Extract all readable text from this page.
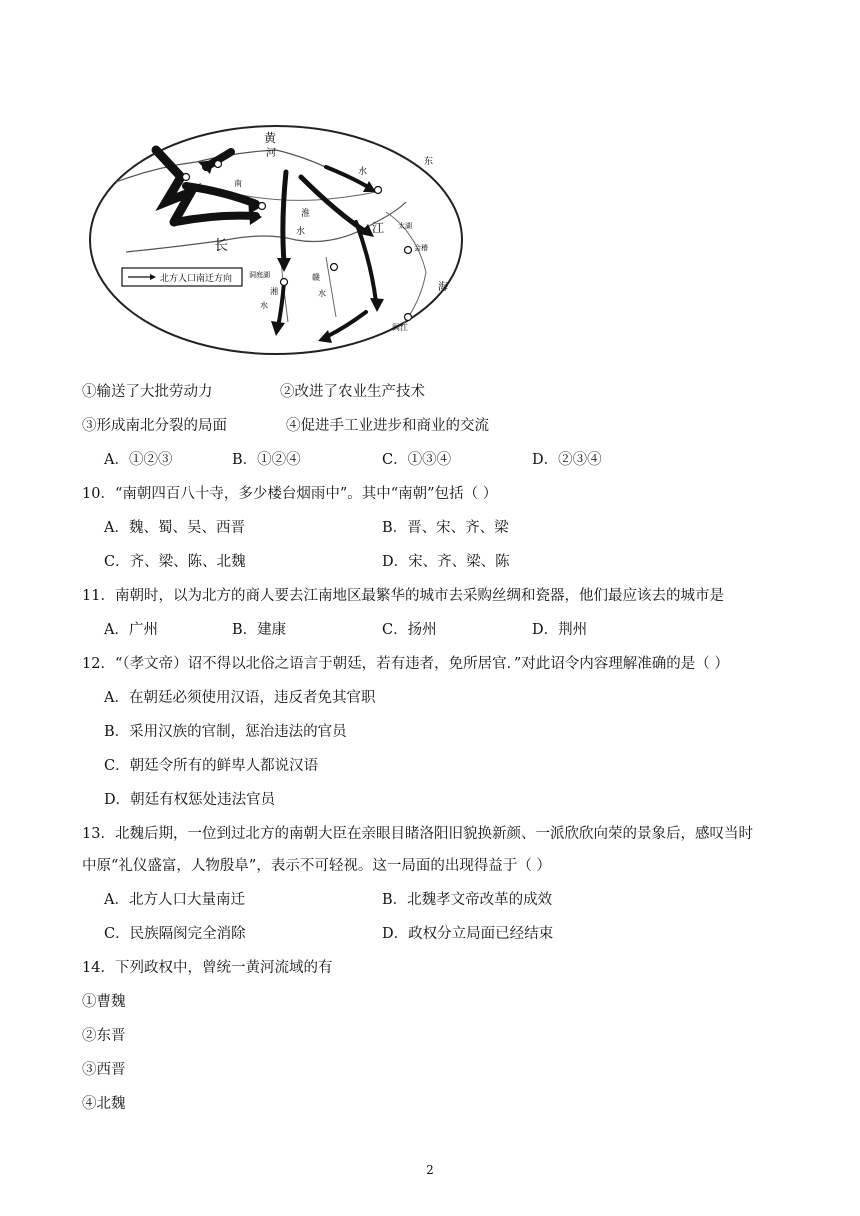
黄
河
南
淮
水
水	江
长
东
海
闽江
洞庭湖
太湖
会稽
湘
水
赣
水
北方人口南迁方向
①输送了大批劳动力	②改进了农业生产技术
③形成南北分裂的局面	④促进手工业进步和商业的交流
A．①②③	B．①②④	C．①③④	D．②③④
10．“南朝四百八十寺，多少楼台烟雨中”。其中“南朝”包括（ ）
A．魏、蜀、吴、西晋	B．晋、宋、齐、梁
C．齐、梁、陈、北魏	D．宋、齐、梁、陈
11．南朝时，以为北方的商人要去江南地区最繁华的城市去采购丝绸和瓷器，他们最应该去的城市是
A．广州	B．建康	C．扬州	D．荆州
12．“（孝文帝）诏不得以北俗之语言于朝廷，若有违者，免所居官．”对此诏令内容理解准确的是（ ）
A．在朝廷必须使用汉语，违反者免其官职
B．采用汉族的官制，惩治违法的官员
C．朝廷令所有的鲜卑人都说汉语
D．朝廷有权惩处违法官员
13．北魏后期，一位到过北方的南朝大臣在亲眼目睹洛阳旧貌换新颜、一派欣欣向荣的景象后，感叹当时
中原“礼仪盛富，人物殷阜”，表示不可轻视。这一局面的出现得益于（ ）
A．北方人口大量南迁	B．北魏孝文帝改革的成效
C．民族隔阂完全消除	D．政权分立局面已经结束
14．下列政权中，曾统一黄河流域的有
①曹魏
②东晋
③西晋
④北魏
2
